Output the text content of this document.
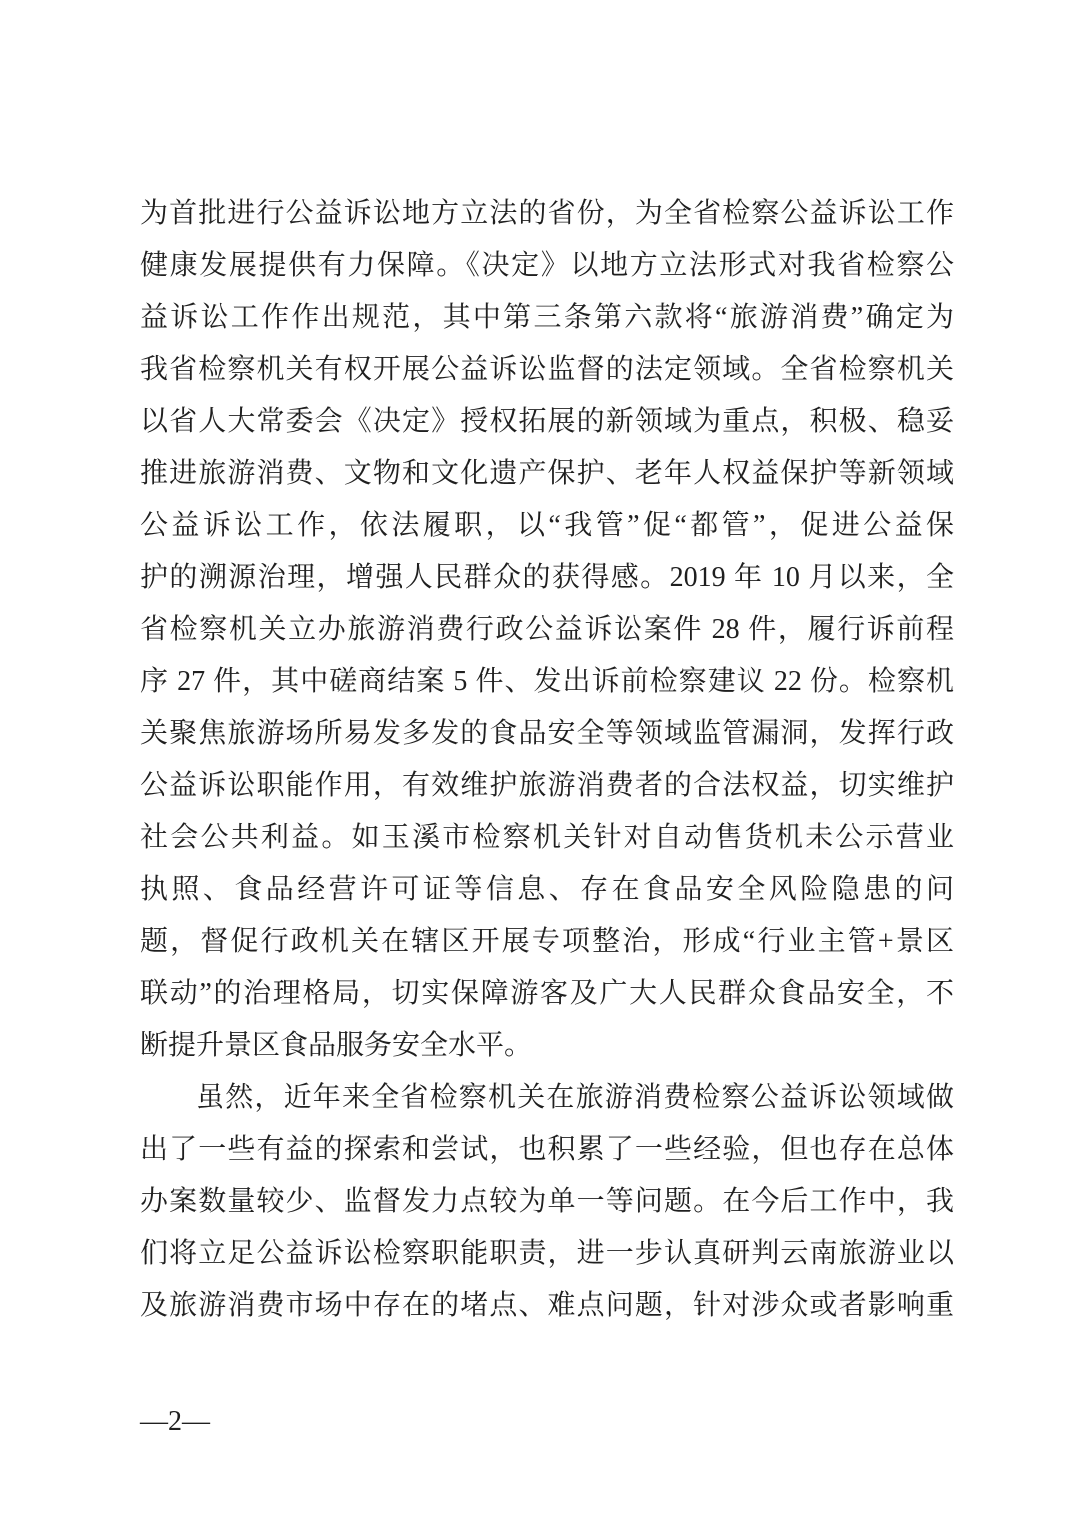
为首批进行公益诉讼地方立法的省份，为全省检察公益诉讼工作
健康发展提供有力保障。《决定》以地方立法形式对我省检察公
益诉讼工作作出规范，其中第三条第六款将“旅游消费”确定为
我省检察机关有权开展公益诉讼监督的法定领域。全省检察机关
以省人大常委会《决定》授权拓展的新领域为重点，积极、稳妥
推进旅游消费、文物和文化遗产保护、老年人权益保护等新领域
公益诉讼工作，依法履职，以“我管”促“都管”，促进公益保
护的溯源治理，增强人民群众的获得感。2019 年 10 月以来，全
省检察机关立办旅游消费行政公益诉讼案件 28 件，履行诉前程
序 27 件，其中磋商结案 5 件、发出诉前检察建议 22 份。检察机
关聚焦旅游场所易发多发的食品安全等领域监管漏洞，发挥行政
公益诉讼职能作用，有效维护旅游消费者的合法权益，切实维护
社会公共利益。如玉溪市检察机关针对自动售货机未公示营业
执照、食品经营许可证等信息、存在食品安全风险隐患的问
题，督促行政机关在辖区开展专项整治，形成“行业主管+景区
联动”的治理格局，切实保障游客及广大人民群众食品安全，不
断提升景区食品服务安全水平。
虽然，近年来全省检察机关在旅游消费检察公益诉讼领域做
出了一些有益的探索和尝试，也积累了一些经验，但也存在总体
办案数量较少、监督发力点较为单一等问题。在今后工作中，我
们将立足公益诉讼检察职能职责，进一步认真研判云南旅游业以
及旅游消费市场中存在的堵点、难点问题，针对涉众或者影响重
—2—
